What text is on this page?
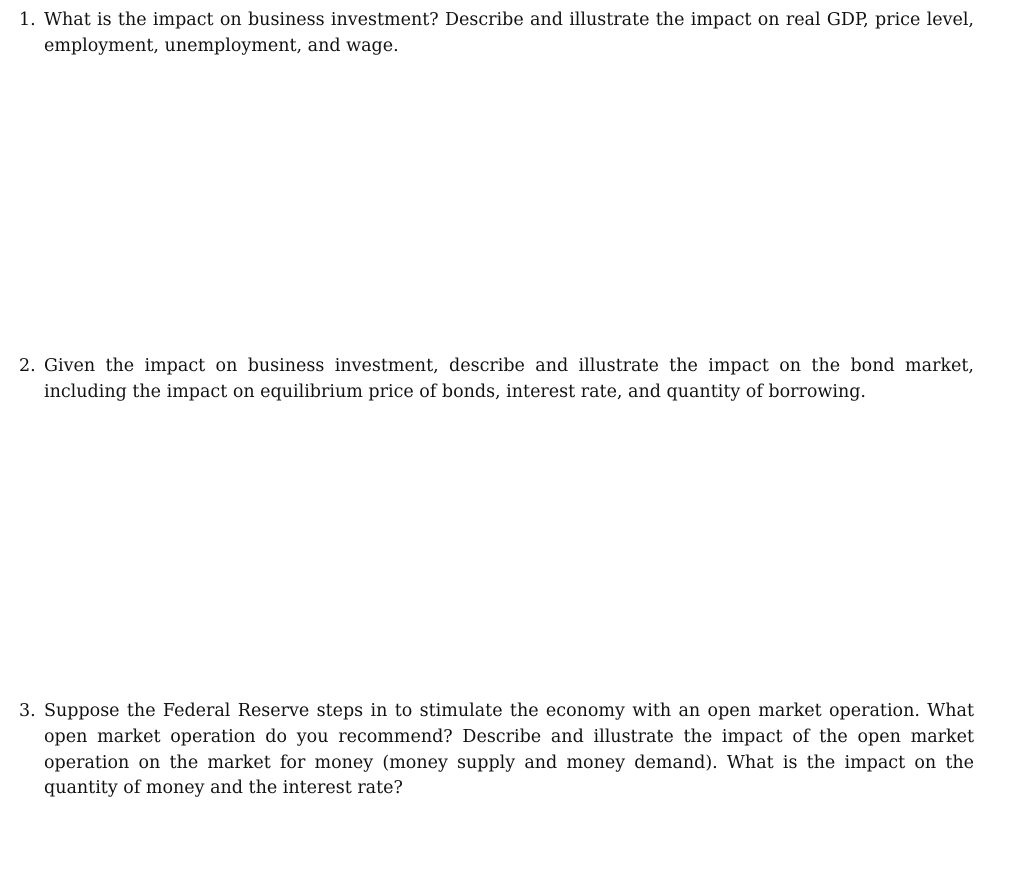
1. What is the impact on business investment? Describe and illustrate the impact on real GDP, price level, employment, unemployment, and wage.
2. Given the impact on business investment, describe and illustrate the impact on the bond market, including the impact on equilibrium price of bonds, interest rate, and quantity of borrowing.
3. Suppose the Federal Reserve steps in to stimulate the economy with an open market operation. What open market operation do you recommend? Describe and illustrate the impact of the open market operation on the market for money (money supply and money demand). What is the impact on the quantity of money and the interest rate?
